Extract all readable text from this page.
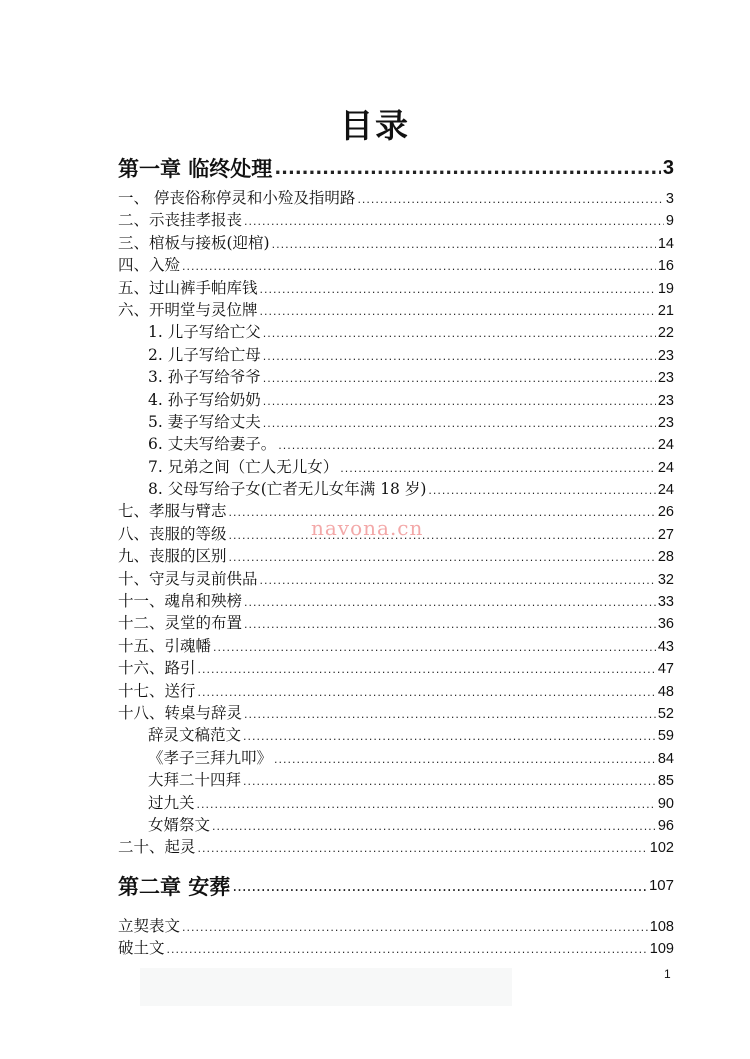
目录
第一章 临终处理 .....	3
一、 停丧俗称停灵和小殓及指明路 .....	3
二、示丧挂孝报丧 .....	9
三、棺板与接板(迎棺) .....	14
四、入殓 .....	16
五、过山裤手帕库钱 .....	19
六、开明堂与灵位牌 .....	21
1. 儿子写给亡父 .....	22
2. 儿子写给亡母 .....	23
3. 孙子写给爷爷 .....	23
4. 孙子写给奶奶 .....	23
5. 妻子写给丈夫 .....	23
6. 丈夫写给妻子。 .....	24
7. 兄弟之间（亡人无儿女） .....	24
8. 父母写给子女(亡者无儿女年满 18 岁) .....	24
七、孝服与臂志 .....	26
八、丧服的等级 .....	27
九、丧服的区别 .....	28
十、守灵与灵前供品 .....	32
十一、魂帛和殃榜 .....	33
十二、灵堂的布置 .....	36
十五、引魂幡 .....	43
十六、路引 .....	47
十七、送行 .....	48
十八、转桌与辞灵 .....	52
辞灵文稿范文 .....	59
《孝子三拜九叩》 .....	84
大拜二十四拜 .....	85
过九关 .....	90
女婿祭文 .....	96
二十、起灵 .....	102
第二章 安葬 .....	107
立契表文 .....	108
破土文 .....	109
navona.cn
1
